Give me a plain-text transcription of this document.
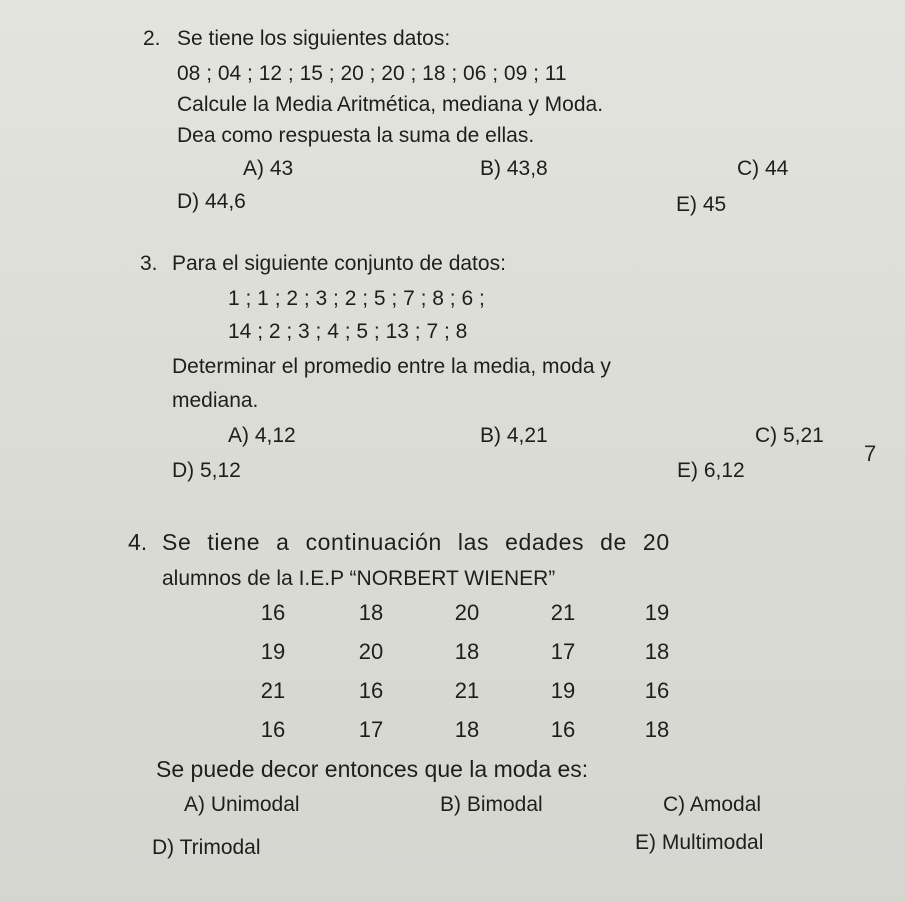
2. Se tiene los siguientes datos:
08 ; 04 ; 12 ; 15 ; 20 ; 20 ; 18 ; 06 ; 09 ; 11
Calcule la Media Aritmética, mediana y Moda.
Dea como respuesta la suma de ellas.
A) 43	B) 43,8	C) 44
D) 44,6	E) 45
3. Para el siguiente conjunto de datos:
1 ; 1 ; 2 ; 3 ; 2 ; 5 ; 7 ; 8 ; 6 ;
14 ; 2 ; 3 ; 4 ; 5 ; 13 ; 7 ; 8
Determinar el promedio entre la media, moda y
mediana.
A) 4,12	B) 4,21	C) 5,21
D) 5,12	E) 6,12
7
4. Se tiene a continuación las edades de 20
alumnos de la I.E.P “NORBERT WIENER”
16	18	20	21	19
19	20	18	17	18
21	16	21	19	16
16	17	18	16	18
Se puede decor entonces que la moda es:
A) Unimodal	B) Bimodal	C) Amodal
D) Trimodal	E) Multimodal
